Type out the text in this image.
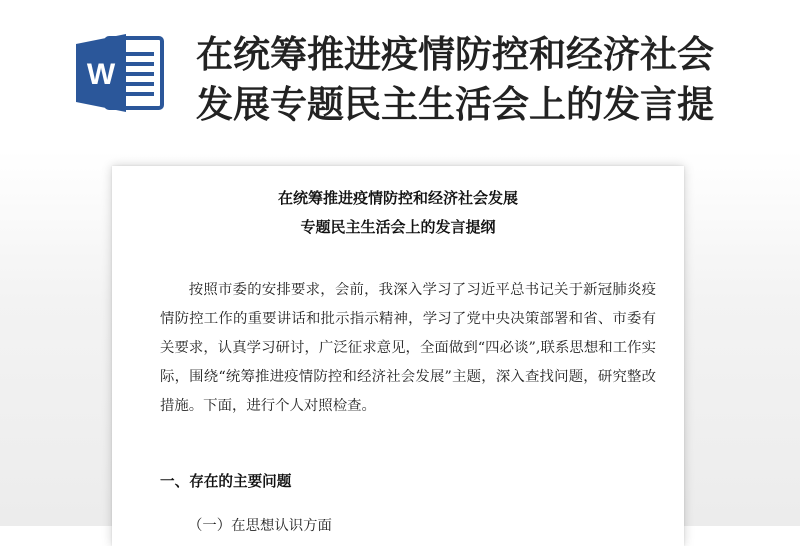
W 在统筹推进疫情防控和经济社会
发展专题民主生活会上的发言提
在统筹推进疫情防控和经济社会发展
专题民主生活会上的发言提纲

按照市委的安排要求，会前，我深入学习了习近平总书记关于新冠肺炎疫情防控工作的重要讲话和批示指示精神，学习了党中央决策部署和省、市委有关要求，认真学习研讨，广泛征求意见，全面做到“四必谈”,联系思想和工作实际，围绕“统筹推进疫情防控和经济社会发展”主题，深入查找问题，研究整改措施。下面，进行个人对照检查。

一、存在的主要问题

（一）在思想认识方面
